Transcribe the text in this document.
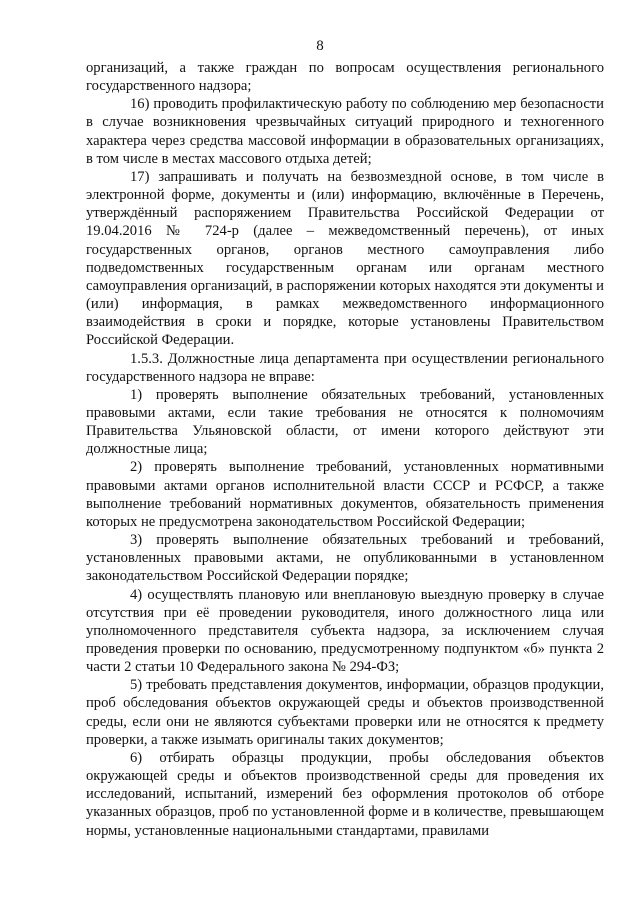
8

организаций, а также граждан по вопросам осуществления регионального государственного надзора;

16) проводить профилактическую работу по соблюдению мер безопасности в случае возникновения чрезвычайных ситуаций природного и техногенного характера через средства массовой информации в образовательных организациях, в том числе в местах массового отдыха детей;

17) запрашивать и получать на безвозмездной основе, в том числе в электронной форме, документы и (или) информацию, включённые в Перечень, утверждённый распоряжением Правительства Российской Федерации от 19.04.2016 № 724-р (далее – межведомственный перечень), от иных государственных органов, органов местного самоуправления либо подведомственных государственным органам или органам местного самоуправления организаций, в распоряжении которых находятся эти документы и (или) информация, в рамках межведомственного информационного взаимодействия в сроки и порядке, которые установлены Правительством Российской Федерации.

1.5.3. Должностные лица департамента при осуществлении регионального государственного надзора не вправе:

1) проверять выполнение обязательных требований, установленных правовыми актами, если такие требования не относятся к полномочиям Правительства Ульяновской области, от имени которого действуют эти должностные лица;

2) проверять выполнение требований, установленных нормативными правовыми актами органов исполнительной власти СССР и РСФСР, а также выполнение требований нормативных документов, обязательность применения которых не предусмотрена законодательством Российской Федерации;

3) проверять выполнение обязательных требований и требований, установленных правовыми актами, не опубликованными в установленном законодательством Российской Федерации порядке;

4) осуществлять плановую или внеплановую выездную проверку в случае отсутствия при её проведении руководителя, иного должностного лица или уполномоченного представителя субъекта надзора, за исключением случая проведения проверки по основанию, предусмотренному подпунктом «б» пункта 2 части 2 статьи 10 Федерального закона № 294-ФЗ;

5) требовать представления документов, информации, образцов продукции, проб обследования объектов окружающей среды и объектов производственной среды, если они не являются субъектами проверки или не относятся к предмету проверки, а также изымать оригиналы таких документов;

6) отбирать образцы продукции, пробы обследования объектов окружающей среды и объектов производственной среды для проведения их исследований, испытаний, измерений без оформления протоколов об отборе указанных образцов, проб по установленной форме и в количестве, превышающем нормы, установленные национальными стандартами, правилами
